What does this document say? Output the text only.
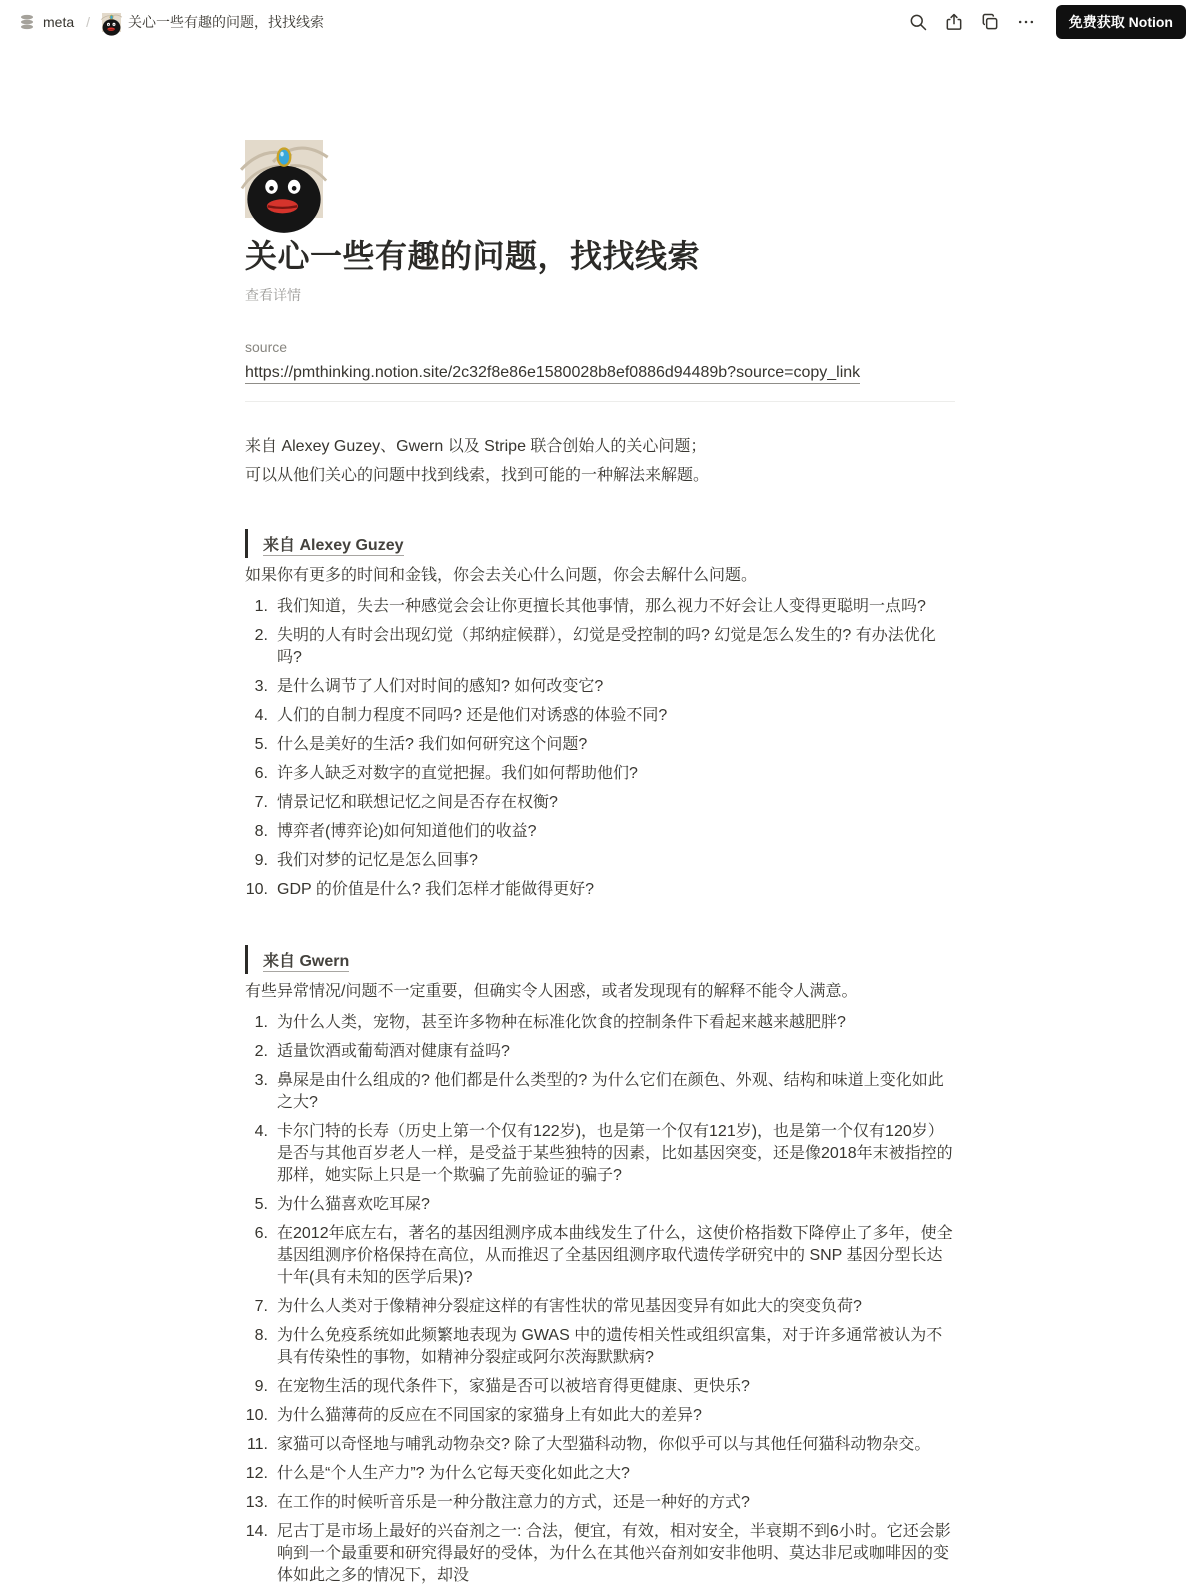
meta /	关心一些有趣的问题，找找线索	免费获取 Notion
关心一些有趣的问题，找找线索
查看详情
source
https://pmthinking.notion.site/2c32f8e86e1580028b8ef0886d94489b?source=copy_link

来自 Alexey Guzey、Gwern 以及 Stripe 联合创始人的关心问题；

可以从他们关心的问题中找到线索，找到可能的一种解法来解题。

来自 Alexey Guzey

如果你有更多的时间和金钱，你会去关心什么问题，你会去解什么问题。

1. 我们知道，失去一种感觉会会让你更擅长其他事情，那么视力不好会让人变得更聪明一点吗?
2. 失明的人有时会出现幻觉（邦纳症候群），幻觉是受控制的吗? 幻觉是怎么发生的? 有办法优化吗?
3. 是什么调节了人们对时间的感知? 如何改变它?
4. 人们的自制力程度不同吗? 还是他们对诱惑的体验不同?
5. 什么是美好的生活? 我们如何研究这个问题?
6. 许多人缺乏对数字的直觉把握。我们如何帮助他们?
7. 情景记忆和联想记忆之间是否存在权衡?
8. 博弈者(博弈论)如何知道他们的收益?
9. 我们对梦的记忆是怎么回事?
10. GDP 的价值是什么? 我们怎样才能做得更好?
来自 Gwern

有些异常情况/问题不一定重要，但确实令人困惑，或者发现现有的解释不能令人满意。

1. 为什么人类，宠物，甚至许多物种在标准化饮食的控制条件下看起来越来越肥胖?
2. 适量饮酒或葡萄酒对健康有益吗?
3. 鼻屎是由什么组成的? 他们都是什么类型的? 为什么它们在颜色、外观、结构和味道上变化如此之大?
4. 卡尔门特的长寿（历史上第一个仅有122岁)，也是第一个仅有121岁)，也是第一个仅有120岁）是否与其他百岁老人一样，是受益于某些独特的因素，比如基因突变，还是像2018年末被指控的那样，她实际上只是一个欺骗了先前验证的骗子?
5. 为什么猫喜欢吃耳屎?
6. 在2012年底左右，著名的基因组测序成本曲线发生了什么，这使价格指数下降停止了多年，使全基因组测序价格保持在高位，从而推迟了全基因组测序取代遗传学研究中的 SNP 基因分型长达十年(具有未知的医学后果)?
7. 为什么人类对于像精神分裂症这样的有害性状的常见基因变异有如此大的突变负荷?
8. 为什么免疫系统如此频繁地表现为 GWAS 中的遗传相关性或组织富集，对于许多通常被认为不具有传染性的事物，如精神分裂症或阿尔茨海默默病?
9. 在宠物生活的现代条件下，家猫是否可以被培育得更健康、更快乐?
10. 为什么猫薄荷的反应在不同国家的家猫身上有如此大的差异?
11. 家猫可以奇怪地与哺乳动物杂交? 除了大型猫科动物，你似乎可以与其他任何猫科动物杂交。
12. 什么是“个人生产力”? 为什么它每天变化如此之大?
13. 在工作的时候听音乐是一种分散注意力的方式，还是一种好的方式?
14. 尼古丁是市场上最好的兴奋剂之一: 合法，便宜，有效，相对安全，半衰期不到6小时。它还会影响到一个最重要和研究得最好的受体，为什么在其他兴奋剂如安非他明、莫达非尼或咖啡因的变体如此之多的情况下，却没
